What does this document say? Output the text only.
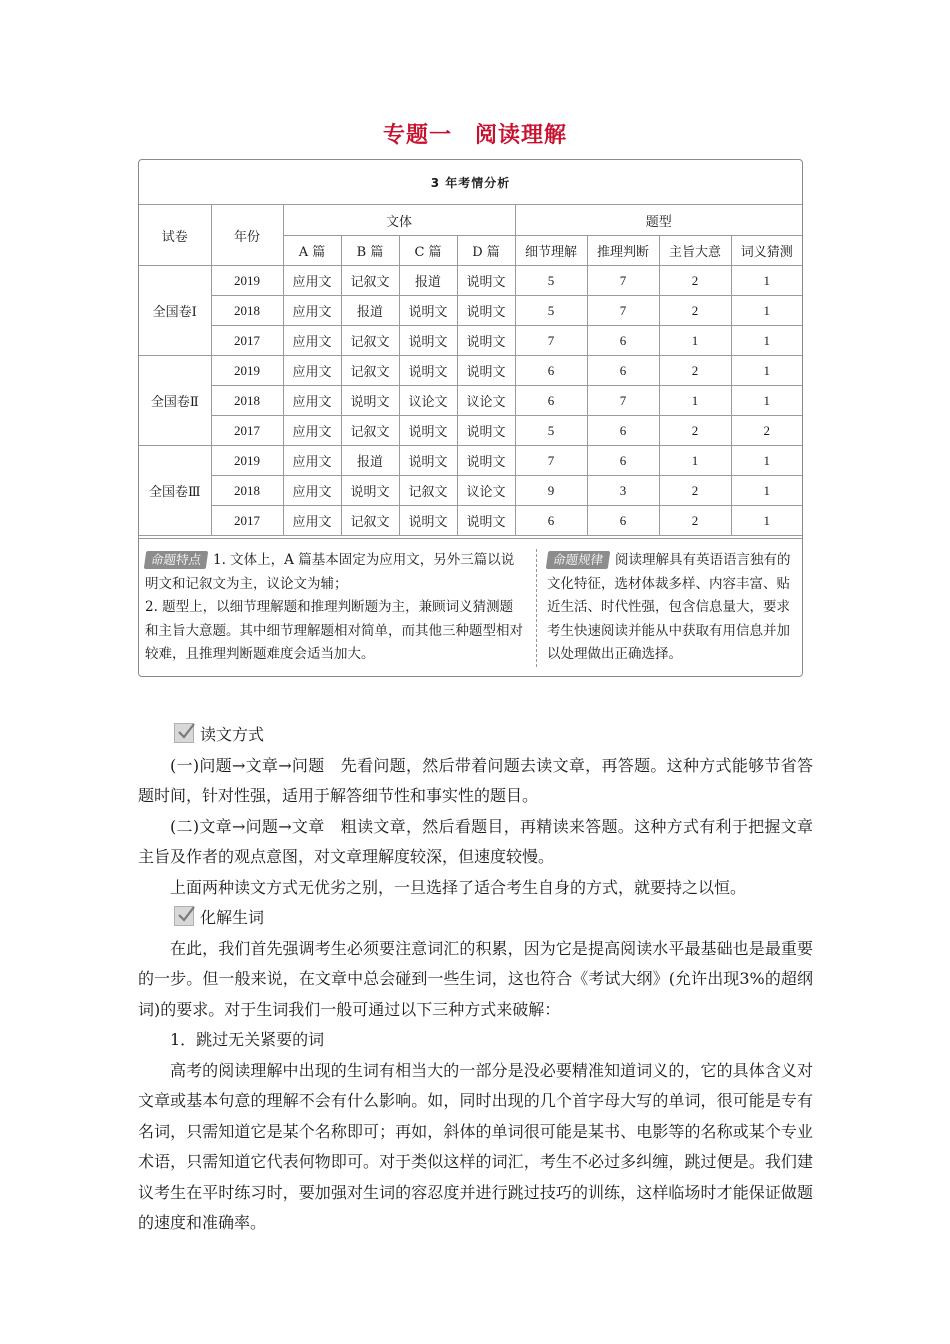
专题一　阅读理解
3 年考情分析									
试卷	年份	文体				题型			
		A 篇	B 篇	C 篇	D 篇	细节理解	推理判断	主旨大意	词义猜测
全国卷Ⅰ	2019	应用文	记叙文	报道	说明文	5	7	2	1
	2018	应用文	报道	说明文	说明文	5	7	2	1
	2017	应用文	记叙文	说明文	说明文	7	6	1	1
全国卷Ⅱ	2019	应用文	记叙文	说明文	说明文	6	6	2	1
	2018	应用文	说明文	议论文	议论文	6	7	1	1
	2017	应用文	记叙文	说明文	说明文	5	6	2	2
全国卷Ⅲ	2019	应用文	报道	说明文	说明文	7	6	1	1
	2018	应用文	说明文	记叙文	议论文	9	3	2	1
	2017	应用文	记叙文	说明文	说明文	6	6	2	1

命题特点 1. 文体上，A 篇基本固定为应用文，另外三篇以说明文和记叙文为主，议论文为辅；

2. 题型上，以细节理解题和推理判断题为主，兼顾词义猜测题和主旨大意题。其中细节理解题相对简单，而其他三种题型相对较难，且推理判断题难度会适当加大。

命题规律 阅读理解具有英语语言独有的文化特征，选材体裁多样、内容丰富、贴近生活、时代性强，包含信息量大，要求考生快速阅读并能从中获取有用信息并加以处理做出正确选择。

读文方式

(一)问题→文章→问题　先看问题，然后带着问题去读文章，再答题。这种方式能够节省答题时间，针对性强，适用于解答细节性和事实性的题目。

(二)文章→问题→文章　粗读文章，然后看题目，再精读来答题。这种方式有利于把握文章主旨及作者的观点意图，对文章理解度较深，但速度较慢。

上面两种读文方式无优劣之别，一旦选择了适合考生自身的方式，就要持之以恒。

化解生词

在此，我们首先强调考生必须要注意词汇的积累，因为它是提高阅读水平最基础也是最重要的一步。但一般来说，在文章中总会碰到一些生词，这也符合《考试大纲》(允许出现3%的超纲词)的要求。对于生词我们一般可通过以下三种方式来破解：

1．跳过无关紧要的词

高考的阅读理解中出现的生词有相当大的一部分是没必要精准知道词义的，它的具体含义对文章或基本句意的理解不会有什么影响。如，同时出现的几个首字母大写的单词，很可能是专有名词，只需知道它是某个名称即可；再如，斜体的单词很可能是某书、电影等的名称或某个专业术语，只需知道它代表何物即可。对于类似这样的词汇，考生不必过多纠缠，跳过便是。我们建议考生在平时练习时，要加强对生词的容忍度并进行跳过技巧的训练，这样临场时才能保证做题的速度和准确率。
